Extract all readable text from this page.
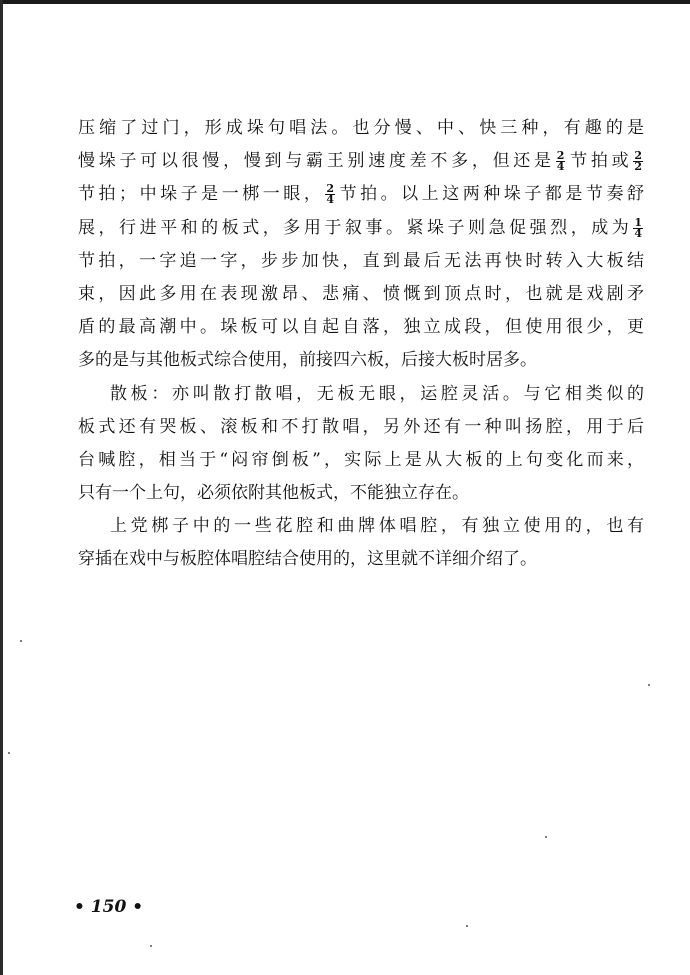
压缩了过门，形成垛句唱法。也分慢、中、快三种，有趣的是
慢垛子可以很慢，慢到与霸王别速度差不多，但还是 $\frac{2}{4}$ 节拍或 $\frac{2}{2}$
节拍；中垛子是一梆一眼， $\frac{2}{4}$ 节拍。以上这两种垛子都是节奏舒
展，行进平和的板式，多用于叙事。紧垛子则急促强烈，成为 $\frac{1}{4}$
节拍，一字追一字，步步加快，直到最后无法再快时转入大板结
束，因此多用在表现激昂、悲痛、愤慨到顶点时，也就是戏剧矛
盾的最高潮中。垛板可以自起自落，独立成段，但使用很少，更
多的是与其他板式综合使用，前接四六板，后接大板时居多。
散板：亦叫散打散唱，无板无眼，运腔灵活。与它相类似的
板式还有哭板、滚板和不打散唱，另外还有一种叫扬腔，用于后
台喊腔，相当于“闷帘倒板”，实际上是从大板的上句变化而来，
只有一个上句，必须依附其他板式，不能独立存在。
上党梆子中的一些花腔和曲牌体唱腔，有独立使用的，也有
穿插在戏中与板腔体唱腔结合使用的，这里就不详细介绍了。
• 150 •
